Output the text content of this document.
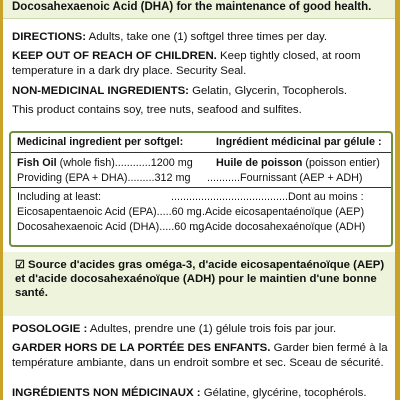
Docosahexaenoic Acid (DHA) for the maintenance of good health.
DIRECTIONS: Adults, take one (1) softgel three times per day.
KEEP OUT OF REACH OF CHILDREN. Keep tightly closed, at room temperature in a dark dry place. Security Seal.
NON-MEDICINAL INGREDIENTS: Gelatin, Glycerin, Tocopherols.
This product contains soy, tree nuts, seafood and sulfites.
Medicinal ingredient per softgel:	Ingrédient médicinal par gélule :
Fish Oil (whole fish)............1200 mg Huile de poisson (poisson entier)
Providing (EPA + DHA).........312 mg ...........Fournissant (AEP + ADH)
Including at least:	.......................................Dont au moins :
Eicosapentaenoic Acid (EPA).....60 mg
....Acide eicosapentaénoïque (AEP)
Docosahexaenoic Acid (DHA).....60 mg
....Acide docosahexaénoïque (ADH)
☑ Source d'acides gras oméga-3, d'acide eicosapentaénoïque (AEP) et d'acide docosahexaénoïque (ADH) pour le maintien d'une bonne santé.
POSOLOGIE : Adultes, prendre une (1) gélule trois fois par jour.
GARDER HORS DE LA PORTÉE DES ENFANTS. Garder bien fermé à la température ambiante, dans un endroit sombre et sec. Sceau de sécurité.
INGRÉDIENTS NON MÉDICINAUX : Gélatine, glycérine, tocophérols.
